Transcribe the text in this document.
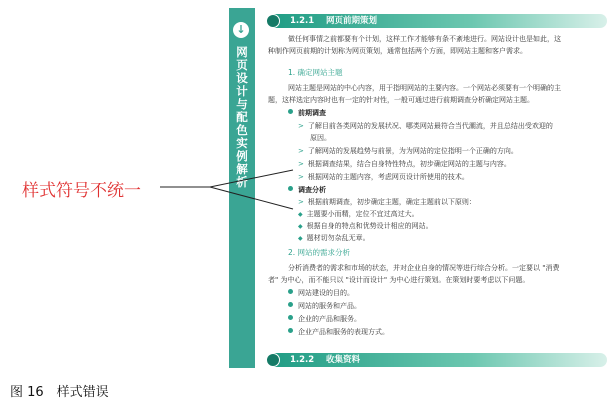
↓
网页设计与配色实例解析
1.2.1 网页前期策划
做任何事情之前都要有个计划，这样工作才能够有条不紊地进行。网站设计也是如此，这
种制作网页前期的计划称为网页策划，通常包括两个方面，即网站主题和客户需求。
1. 确定网站主题
网站主题是网站的中心内容，用于指明网站的主要内容。一个网站必须要有一个明确的主
题，这样选定内容时也有一定的针对性，一般可通过进行前期调查分析确定网站主题。
前期调查
> 了解目前各类网站的发展状况、哪类网站最符合当代潮流，并且总结出受欢迎的
原因。
> 了解网站的发展趋势与前景，为为网站的定位指明一个正确的方向。
> 根据调查结果，结合自身特性特点，初步确定网站的主题与内容。
> 根据网站的主题内容，考虑网页设计所使用的技术。
调查分析
> 根据前期调查，初步确定主题，确定主题前以下原则：
◆ 主题要小而精，定位不宜过高过大。
◆ 根据自身的特点和优势设计相应的网站。
◆ 题材切勿杂乱无章。
样式符号不统一
2. 网站的需求分析
分析消费者的需求和市场的状态，并对企业自身的情况等进行综合分析。一定要以 "消费
者" 为中心，而不能只以 "设计而设计" 为中心进行策划。在策划时要考虑以下问题。
网站建设的目的。
网站的服务和产品。
企业的产品和服务。
企业产品和服务的表现方式。
1.2.2 收集资料
图 16　样式错误
